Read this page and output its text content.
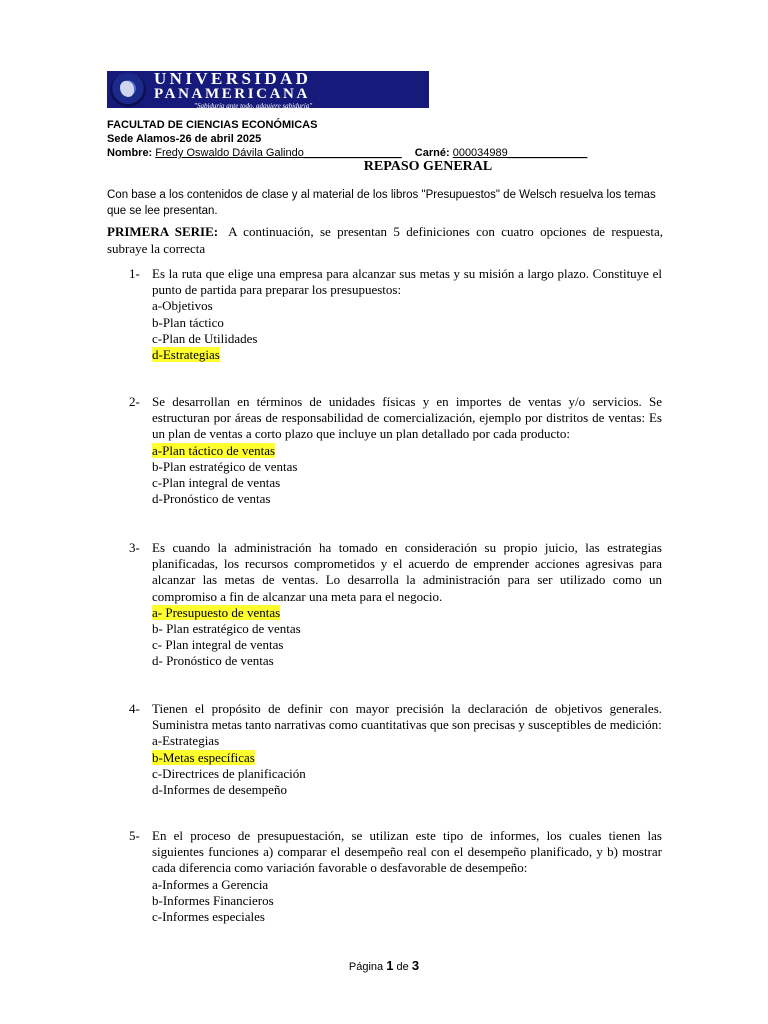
UNIVERSIDAD
PANAMERICANA
"Sabiduría ante todo, adquiere sabiduría"
FACULTAD DE CIENCIAS ECONÓMICAS
Sede Alamos-26 de abril 2025
Nombre: Fredy Oswaldo Dávila Galindo________________ Carné: 000034989_____________
REPASO GENERAL
Con base a los contenidos de clase y al material de los libros "Presupuestos" de Welsch resuelva los temas que se lee presentan.
PRIMERA SERIE: A continuación, se presentan 5 definiciones con cuatro opciones de respuesta, subraye la correcta
1- Es la ruta que elige una empresa para alcanzar sus metas y su misión a largo plazo. Constituye el punto de partida para preparar los presupuestos:
a-Objetivos
b-Plan táctico
c-Plan de Utilidades
d-Estrategias
2- Se desarrollan en términos de unidades físicas y en importes de ventas y/o servicios. Se estructuran por áreas de responsabilidad de comercialización, ejemplo por distritos de ventas: Es un plan de ventas a corto plazo que incluye un plan detallado por cada producto:
a-Plan táctico de ventas
b-Plan estratégico de ventas
c-Plan integral de ventas
d-Pronóstico de ventas
3- Es cuando la administración ha tomado en consideración su propio juicio, las estrategias planificadas, los recursos comprometidos y el acuerdo de emprender acciones agresivas para alcanzar las metas de ventas. Lo desarrolla la administración para ser utilizado como un compromiso a fin de alcanzar una meta para el negocio.
a- Presupuesto de ventas
b- Plan estratégico de ventas
c- Plan integral de ventas
d- Pronóstico de ventas
4- Tienen el propósito de definir con mayor precisión la declaración de objetivos generales. Suministra metas tanto narrativas como cuantitativas que son precisas y susceptibles de medición:
a-Estrategias
b-Metas específicas
c-Directrices de planificación
d-Informes de desempeño
5- En el proceso de presupuestación, se utilizan este tipo de informes, los cuales tienen las siguientes funciones a) comparar el desempeño real con el desempeño planificado, y b) mostrar cada diferencia como variación favorable o desfavorable de desempeño:
a-Informes a Gerencia
b-Informes Financieros
c-Informes especiales
Página 1 de 3
